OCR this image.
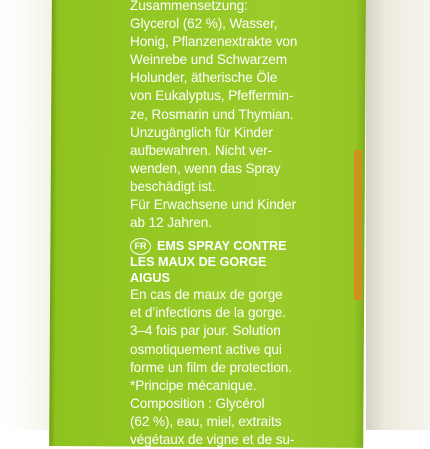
Zusammensetzung:
Glycerol (62 %), Wasser,
Honig, Pflanzenextrakte von
Weinrebe und Schwarzem
Holunder, ätherische Öle
von Eukalyptus, Pfeffermin-
ze, Rosmarin und Thymian.
Unzugänglich für Kinder
aufbewahren. Nicht ver-
wenden, wenn das Spray
beschädigt ist.
Für Erwachsene und Kinder
ab 12 Jahren.
FR EMS SPRAY CONTRE
LES MAUX DE GORGE
AIGUS
En cas de maux de gorge
et d’infections de la gorge.
3–4 fois par jour. Solution
osmotiquement active qui
forme un film de protection.
*Principe mécanique.
Composition : Glycérol
(62 %), eau, miel, extraits
végétaux de vigne et de su-
